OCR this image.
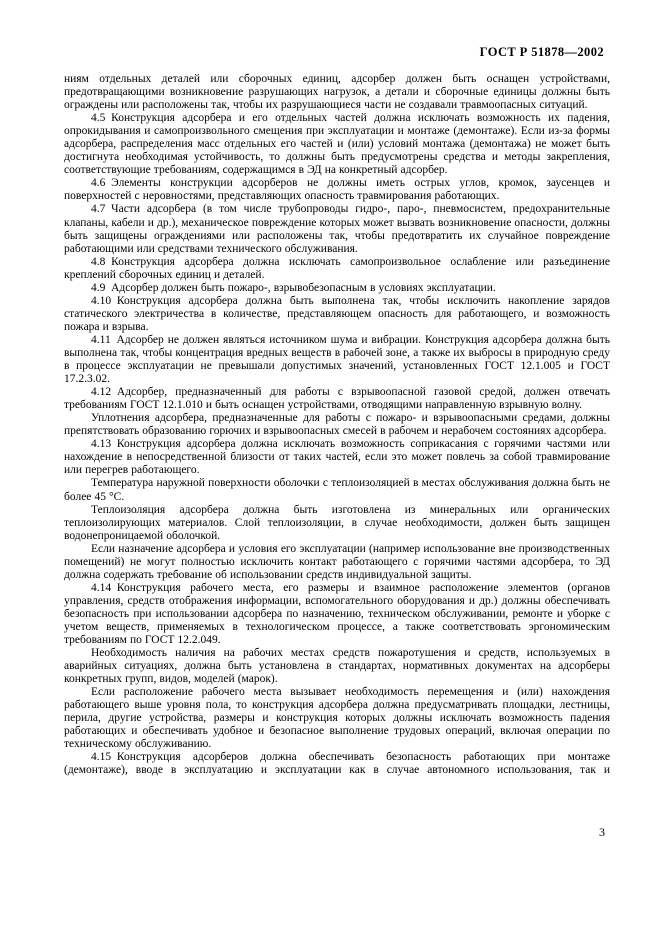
ГОСТ Р 51878—2002

ниям отдельных деталей или сборочных единиц, адсорбер должен быть оснащен устройствами, предотвращающими возникновение разрушающих нагрузок, а детали и сборочные единицы должны быть ограждены или расположены так, чтобы их разрушающиеся части не создавали травмоопасных ситуаций.

4.5 Конструкция адсорбера и его отдельных частей должна исключать возможность их падения, опрокидывания и самопроизвольного смещения при эксплуатации и монтаже (демонтаже). Если из-за формы адсорбера, распределения масс отдельных его частей и (или) условий монтажа (демонтажа) не может быть достигнута необходимая устойчивость, то должны быть предусмотрены средства и методы закрепления, соответствующие требованиям, содержащимся в ЭД на конкретный адсорбер.

4.6 Элементы конструкции адсорберов не должны иметь острых углов, кромок, заусенцев и поверхностей с неровностями, представляющих опасность травмирования работающих.

4.7 Части адсорбера (в том числе трубопроводы гидро-, паро-, пневмосистем, предохранительные клапаны, кабели и др.), механическое повреждение которых может вызвать возникновение опасности, должны быть защищены ограждениями или расположены так, чтобы предотвратить их случайное повреждение работающими или средствами технического обслуживания.

4.8 Конструкция адсорбера должна исключать самопроизвольное ослабление или разъединение креплений сборочных единиц и деталей.

4.9 Адсорбер должен быть пожаро-, взрывобезопасным в условиях эксплуатации.

4.10 Конструкция адсорбера должна быть выполнена так, чтобы исключить накопление зарядов статического электричества в количестве, представляющем опасность для работающего, и возможность пожара и взрыва.

4.11 Адсорбер не должен являться источником шума и вибрации. Конструкция адсорбера должна быть выполнена так, чтобы концентрация вредных веществ в рабочей зоне, а также их выбросы в природную среду в процессе эксплуатации не превышали допустимых значений, установленных ГОСТ 12.1.005 и ГОСТ 17.2.3.02.

4.12 Адсорбер, предназначенный для работы с взрывоопасной газовой средой, должен отвечать требованиям ГОСТ 12.1.010 и быть оснащен устройствами, отводящими направленную взрывную волну.

Уплотнения адсорбера, предназначенные для работы с пожаро- и взрывоопасными средами, должны препятствовать образованию горючих и взрывоопасных смесей в рабочем и нерабочем состояниях адсорбера.

4.13 Конструкция адсорбера должна исключать возможность соприкасания с горячими частями или нахождение в непосредственной близости от таких частей, если это может повлечь за собой травмирование или перегрев работающего.

Температура наружной поверхности оболочки с теплоизоляцией в местах обслуживания должна быть не более 45 °С.

Теплоизоляция адсорбера должна быть изготовлена из минеральных или органических теплоизолирующих материалов. Слой теплоизоляции, в случае необходимости, должен быть защищен водонепроницаемой оболочкой.

Если назначение адсорбера и условия его эксплуатации (например использование вне производственных помещений) не могут полностью исключить контакт работающего с горячими частями адсорбера, то ЭД должна содержать требование об использовании средств индивидуальной защиты.

4.14 Конструкция рабочего места, его размеры и взаимное расположение элементов (органов управления, средств отображения информации, вспомогательного оборудования и др.) должны обеспечивать безопасность при использовании адсорбера по назначению, техническом обслуживании, ремонте и уборке с учетом веществ, применяемых в технологическом процессе, а также соответствовать эргономическим требованиям по ГОСТ 12.2.049.

Необходимость наличия на рабочих местах средств пожаротушения и средств, используемых в аварийных ситуациях, должна быть установлена в стандартах, нормативных документах на адсорберы конкретных групп, видов, моделей (марок).

Если расположение рабочего места вызывает необходимость перемещения и (или) нахождения работающего выше уровня пола, то конструкция адсорбера должна предусматривать площадки, лестницы, перила, другие устройства, размеры и конструкция которых должны исключать возможность падения работающих и обеспечивать удобное и безопасное выполнение трудовых операций, включая операции по техническому обслуживанию.

4.15 Конструкция адсорберов должна обеспечивать безопасность работающих при монтаже (демонтаже), вводе в эксплуатацию и эксплуатации как в случае автономного использования, так и

3
